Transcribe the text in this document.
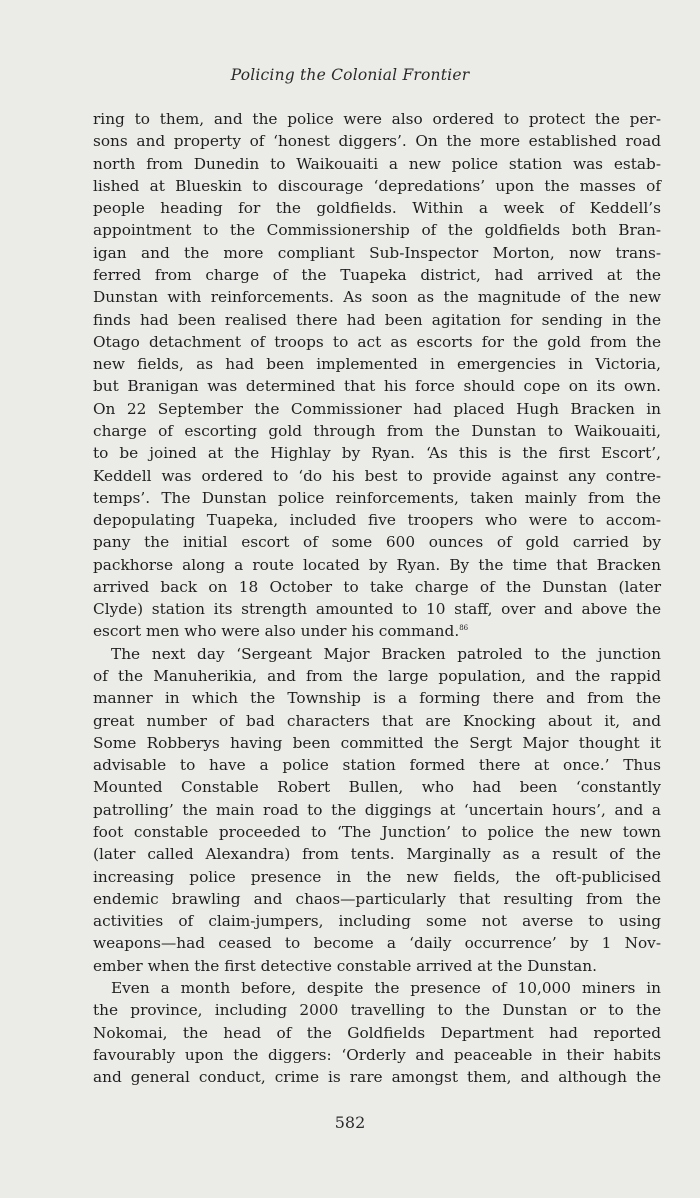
Policing the Colonial Frontier

ring to them, and the police were also ordered to protect the per-
sons and property of ‘honest diggers’. On the more established road
north from Dunedin to Waikouaiti a new police station was estab-
lished at Blueskin to discourage ‘depredations’ upon the masses of
people heading for the goldfields. Within a week of Keddell’s
appointment to the Commissionership of the goldfields both Bran-
igan and the more compliant Sub-Inspector Morton, now trans-
ferred from charge of the Tuapeka district, had arrived at the
Dunstan with reinforcements. As soon as the magnitude of the new
finds had been realised there had been agitation for sending in the
Otago detachment of troops to act as escorts for the gold from the
new fields, as had been implemented in emergencies in Victoria,
but Branigan was determined that his force should cope on its own.
On 22 September the Commissioner had placed Hugh Bracken in
charge of escorting gold through from the Dunstan to Waikouaiti,
to be joined at the Highlay by Ryan. ‘As this is the first Escort’,
Keddell was ordered to ‘do his best to provide against any contre-
temps’. The Dunstan police reinforcements, taken mainly from the
depopulating Tuapeka, included five troopers who were to accom-
pany the initial escort of some 600 ounces of gold carried by
packhorse along a route located by Ryan. By the time that Bracken
arrived back on 18 October to take charge of the Dunstan (later
Clyde) station its strength amounted to 10 staff, over and above the
escort men who were also under his command.$^{86}$

The next day ‘Sergeant Major Bracken patroled to the junction
of the Manuherikia, and from the large population, and the rappid
manner in which the Township is a forming there and from the
great number of bad characters that are Knocking about it, and
Some Robberys having been committed the Sergt Major thought it
advisable to have a police station formed there at once.’ Thus
Mounted Constable Robert Bullen, who had been ‘constantly
patrolling’ the main road to the diggings at ‘uncertain hours’, and a
foot constable proceeded to ‘The Junction’ to police the new town
(later called Alexandra) from tents. Marginally as a result of the
increasing police presence in the new fields, the oft-publicised
endemic brawling and chaos—particularly that resulting from the
activities of claim-jumpers, including some not averse to using
weapons—had ceased to become a ‘daily occurrence’ by 1 Nov-
ember when the first detective constable arrived at the Dunstan.

Even a month before, despite the presence of 10,000 miners in
the province, including 2000 travelling to the Dunstan or to the
Nokomai, the head of the Goldfields Department had reported
favourably upon the diggers: ‘Orderly and peaceable in their habits
and general conduct, crime is rare amongst them, and although the

582
